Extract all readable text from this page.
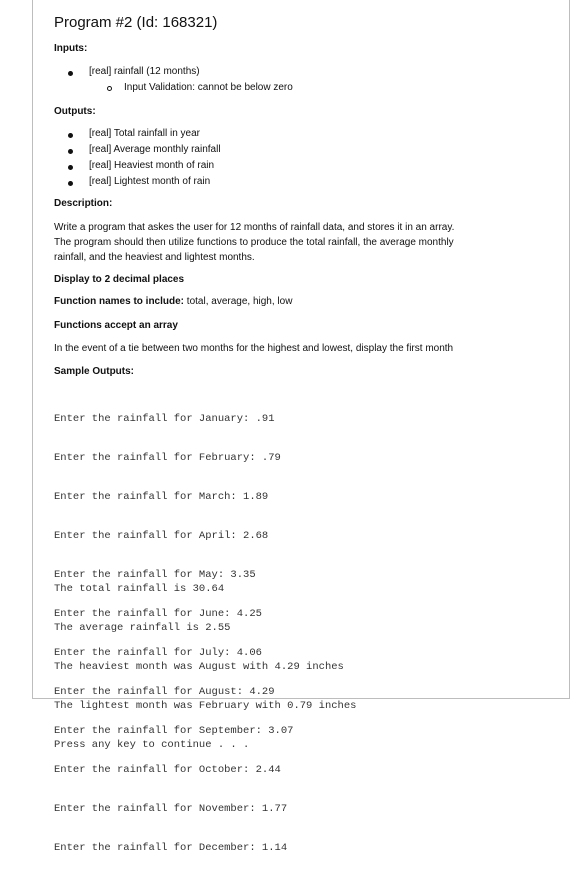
Program #2 (Id: 168321)
Inputs:
[real] rainfall (12 months)
Input Validation: cannot be below zero
Outputs:
[real] Total rainfall in year
[real] Average monthly rainfall
[real] Heaviest month of rain
[real] Lightest month of rain
Description:
Write a program that askes the user for 12 months of rainfall data, and stores it in an array.
The program should then utilize functions to produce the total rainfall, the average monthly
rainfall, and the heaviest and lightest months.
Display to 2 decimal places
Function names to include: total, average, high, low
Functions accept an array
In the event of a tie between two months for the highest and lowest, display the first month
Sample Outputs:

Enter the rainfall for January: .91

Enter the rainfall for February: .79

Enter the rainfall for March: 1.89

Enter the rainfall for April: 2.68

Enter the rainfall for May: 3.35

Enter the rainfall for June: 4.25

Enter the rainfall for July: 4.06

Enter the rainfall for August: 4.29

Enter the rainfall for September: 3.07

Enter the rainfall for October: 2.44

Enter the rainfall for November: 1.77

Enter the rainfall for December: 1.14

The total rainfall is 30.64

The average rainfall is 2.55

The heaviest month was August with 4.29 inches

The lightest month was February with 0.79 inches

Press any key to continue . . .
